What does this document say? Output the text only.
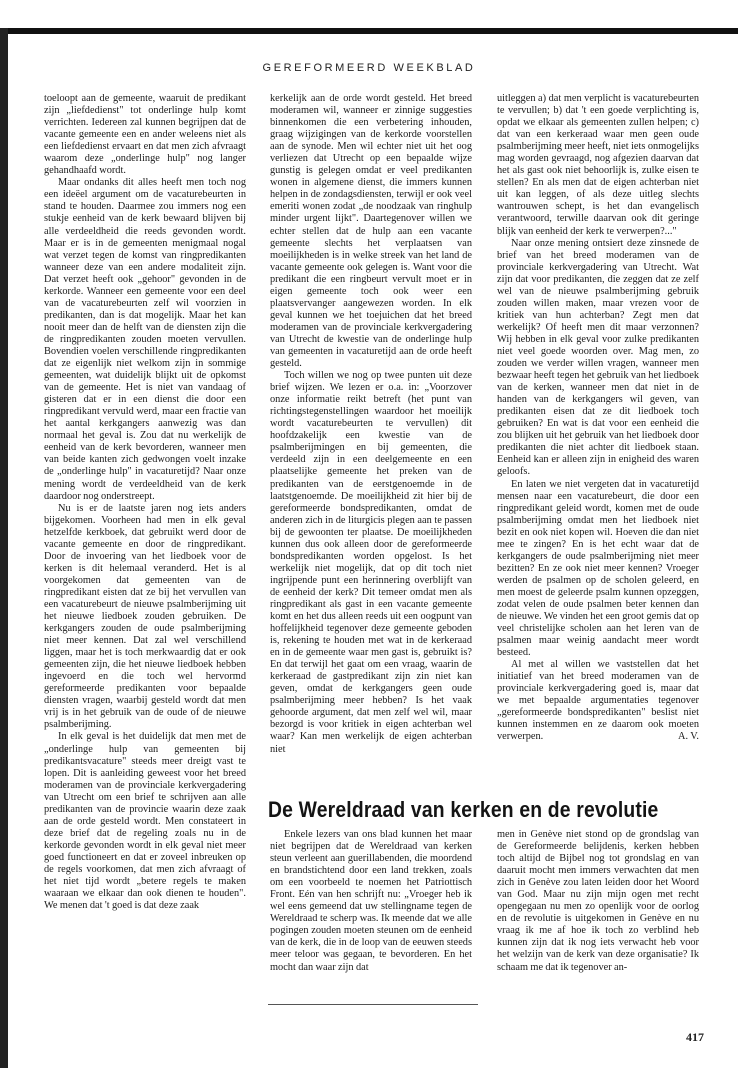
GEREFORMEERD WEEKBLAD

toeloopt aan de gemeente, waaruit de predikant zijn „liefdedienst" tot onderlinge hulp komt verrichten. Iedereen zal kunnen begrijpen dat de vacante gemeente een en ander weleens niet als een liefdedienst ervaart en dat men zich afvraagt waarom deze „onderlinge hulp" nog langer gehandhaafd wordt.

Maar ondanks dit alles heeft men toch nog een ideëel argument om de vacaturebeurten in stand te houden. Daarmee zou immers nog een stukje eenheid van de kerk bewaard blijven bij alle verdeeldheid die reeds gevonden wordt. Maar er is in de gemeenten menigmaal nogal wat verzet tegen de komst van ringpredikanten wanneer deze van een andere modaliteit zijn. Dat verzet heeft ook „gehoor" gevonden in de kerkorde. Wanneer een gemeente voor een deel van de vacaturebeurten zelf wil voorzien in predikanten, dan is dat mogelijk. Maar het kan nooit meer dan de helft van de diensten zijn die de ringpredikanten zouden moeten vervullen. Bovendien voelen verschillende ringpredikanten dat ze eigenlijk niet welkom zijn in sommige gemeenten, wat duidelijk blijkt uit de opkomst van de gemeente. Het is niet van vandaag of gisteren dat er in een dienst die door een ringpredikant vervuld werd, maar een fractie van het aantal kerkgangers aanwezig was dan normaal het geval is. Zou dat nu werkelijk de eenheid van de kerk bevorderen, wanneer men van beide kanten zich gedwongen voelt inzake de „onderlinge hulp" in vacaturetijd? Naar onze mening wordt de verdeeldheid van de kerk daardoor nog onderstreept.

Nu is er de laatste jaren nog iets anders bijgekomen. Voorheen had men in elk geval hetzelfde kerkboek, dat gebruikt werd door de vacante gemeente en door de ringpredikant. Door de invoering van het liedboek voor de kerken is dit helemaal veranderd. Het is al voorgekomen dat gemeenten van de ringpredikant eisten dat ze bij het vervullen van een vacaturebeurt de nieuwe psalmberijming uit het nieuwe liedboek zouden gebruiken. De kerkgangers zouden de oude psalmberijming niet meer kennen. Dat zal wel verschillend liggen, maar het is toch merkwaardig dat er ook gemeenten zijn, die het nieuwe liedboek hebben ingevoerd en die toch wel hervormd gereformeerde predikanten voor bepaalde diensten vragen, waarbij gesteld wordt dat men vrij is in het gebruik van de oude of de nieuwe psalmberijming.

In elk geval is het duidelijk dat men met de „onderlinge hulp van gemeenten bij predikantsvacature" steeds meer dreigt vast te lopen. Dit is aanleiding geweest voor het breed moderamen van de provinciale kerkvergadering van Utrecht om een brief te schrijven aan alle predikanten van de provincie waarin deze zaak aan de orde gesteld wordt. Men constateert in deze brief dat de regeling zoals nu in de kerkorde gevonden wordt in elk geval niet meer goed functioneert en dat er zoveel inbreuken op de regels voorkomen, dat men zich afvraagt of het niet tijd wordt „betere regels te maken waaraan we elkaar dan ook dienen te houden". We menen dat 't goed is dat deze zaak

kerkelijk aan de orde wordt gesteld. Het breed moderamen wil, wanneer er zinnige suggesties binnenkomen die een verbetering inhouden, graag wijzigingen van de kerkorde voorstellen aan de synode. Men wil echter niet uit het oog verliezen dat Utrecht op een bepaalde wijze gunstig is gelegen omdat er veel predikanten wonen in algemene dienst, die immers kunnen helpen in de zondagsdiensten, terwijl er ook veel emeriti wonen zodat „de noodzaak van ringhulp minder urgent lijkt". Daartegenover willen we echter stellen dat de hulp aan een vacante gemeente slechts het verplaatsen van moeilijkheden is in welke streek van het land de vacante gemeente ook gelegen is. Want voor die predikant die een ringbeurt vervult moet er in eigen gemeente toch ook weer een plaatsvervanger aangewezen worden. In elk geval kunnen we het toejuichen dat het breed moderamen van de provinciale kerkvergadering van Utrecht de kwestie van de onderlinge hulp van gemeenten in vacaturetijd aan de orde heeft gesteld.

Toch willen we nog op twee punten uit deze brief wijzen. We lezen er o.a. in: „Voorzover onze informatie reikt betreft (het punt van richtingstegenstellingen waardoor het moeilijk wordt vacaturebeurten te vervullen) dit hoofdzakelijk een kwestie van de psalmberijmingen en bij gemeenten, die verdeeld zijn in een deelgemeente en een plaatselijke gemeente het preken van de predikanten van de eerstgenoemde in de laatstgenoemde. De moeilijkheid zit hier bij de gereformeerde bondspredikanten, omdat de anderen zich in de liturgicis plegen aan te passen bij de gewoonten ter plaatse. De moeilijkheden kunnen dus ook alleen door de gereformeerde bondspredikanten worden opgelost. Is het werkelijk niet mogelijk, dat op dit toch niet ingrijpende punt een herinnering overblijft van de eenheid der kerk? Dit temeer omdat men als ringpredikant als gast in een vacante gemeente komt en het dus alleen reeds uit een oogpunt van hoffelijkheid tegenover deze gemeente geboden is, rekening te houden met wat in de kerkeraad en in de gemeente waar men gast is, gebruikt is? En dat terwijl het gaat om een vraag, waarin de kerkeraad de gastpredikant zijn zin niet kan geven, omdat de kerkgangers geen oude psalmberijming meer hebben? Is het vaak gehoorde argument, dat men zelf wel wil, maar bezorgd is voor kritiek in eigen achterban wel waar? Kan men werkelijk de eigen achterban niet

uitleggen a) dat men verplicht is vacaturebeurten te vervullen; b) dat 't een goede verplichting is, opdat we elkaar als gemeenten zullen helpen; c) dat van een kerkeraad waar men geen oude psalmberijming meer heeft, niet iets onmogelijks mag worden gevraagd, nog afgezien daarvan dat het als gast ook niet behoorlijk is, zulke eisen te stellen? En als men dat de eigen achterban niet uit kan leggen, of als deze uitleg slechts wantrouwen schept, is het dan evangelisch verantwoord, terwille daarvan ook dit geringe blijk van eenheid der kerk te verwerpen?..."

Naar onze mening ontsiert deze zinsnede de brief van het breed moderamen van de provinciale kerkvergadering van Utrecht. Wat zijn dat voor predikanten, die zeggen dat ze zelf wel van de nieuwe psalmberijming gebruik zouden willen maken, maar vrezen voor de kritiek van hun achterban? Zegt men dat werkelijk? Of heeft men dit maar verzonnen? Wij hebben in elk geval voor zulke predikanten niet veel goede woorden over. Mag men, zo zouden we verder willen vragen, wanneer men bezwaar heeft tegen het gebruik van het liedboek van de kerken, wanneer men dat niet in de handen van de kerkgangers wil geven, van predikanten eisen dat ze dit liedboek toch gebruiken? En wat is dat voor een eenheid die zou blijken uit het gebruik van het liedboek door predikanten die niet achter dit liedboek staan. Eenheid kan er alleen zijn in enigheid des waren geloofs.

En laten we niet vergeten dat in vacaturetijd mensen naar een vacaturebeurt, die door een ringpredikant geleid wordt, komen met de oude psalmberijming omdat men het liedboek niet bezit en ook niet kopen wil. Hoeven die dan niet mee te zingen? En is het echt waar dat de kerkgangers de oude psalmberijming niet meer bezitten? En ze ook niet meer kennen? Vroeger werden de psalmen op de scholen geleerd, en men moest de geleerde psalm kunnen opzeggen, zodat velen de oude psalmen beter kennen dan de nieuwe. We vinden het een groot gemis dat op veel christelijke scholen aan het leren van de psalmen maar weinig aandacht meer wordt besteed.

Al met al willen we vaststellen dat het initiatief van het breed moderamen van de provinciale kerkvergadering goed is, maar dat we met bepaalde argumentaties tegenover „gereformeerde bondspredikanten" beslist niet kunnen instemmen en ze daarom ook moeten verwerpen.	A. V.

De Wereldraad van kerken en de revolutie

Enkele lezers van ons blad kunnen het maar niet begrijpen dat de Wereldraad van kerken steun verleent aan guerillabenden, die moordend en brandstichtend door een land trekken, zoals om een voorbeeld te noemen het Patriottisch Front. Eén van hen schrijft nu: „Vroeger heb ik wel eens gemeend dat uw stellingname tegen de Wereldraad te scherp was. Ik meende dat we alle pogingen zouden moeten steunen om de eenheid van de kerk, die in de loop van de eeuwen steeds meer teloor was gegaan, te bevorderen. En het mocht dan waar zijn dat

men in Genève niet stond op de grondslag van de Gereformeerde belijdenis, kerken hebben toch altijd de Bijbel nog tot grondslag en van daaruit mocht men immers verwachten dat men zich in Genève zou laten leiden door het Woord van God. Maar nu zijn mijn ogen met recht opengegaan nu men zo openlijk voor de oorlog en de revolutie is uitgekomen in Genève en nu vraag ik me af hoe ik toch zo verblind heb kunnen zijn dat ik nog iets verwacht heb voor het welzijn van de kerk van deze organisatie? Ik schaam me dat ik tegenover an-

417
